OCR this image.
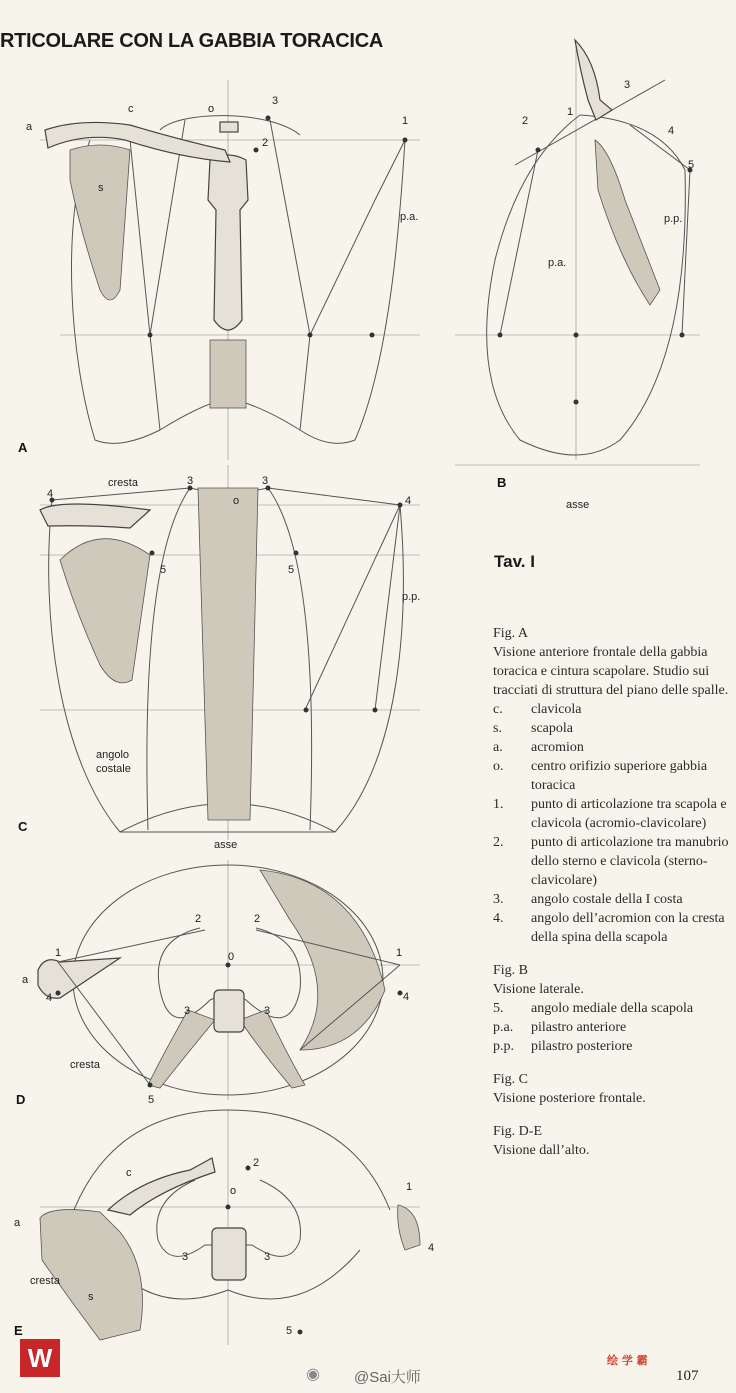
RTICOLARE CON LA GABBIA TORACICA
a
c	o
s
1
2
3
p.a.
A
1
2
3
4
5
p.a.
p.p.
B
asse
cresta	3	3
o
4
4
5	5
p.p.
angolo
costale
C
asse
0
1	1
2	2
3	3
4	4
5
a
cresta
D
c
2
o	1
a
3	3
4
cresta
s
5
E
Tav. I

Fig. A

Visione anteriore frontale della gabbia toracica e cintura scapolare. Studio sui tracciati di struttura del piano delle spalle.

c.	clavicola
s.	scapola
a.	acromion
o.	centro orifizio superiore gabbia toracica
1.	punto di articolazione tra scapola e clavicola (acromio-clavicolare)
2.	punto di articolazione tra manubrio dello sterno e clavicola (sterno-clavicolare)
3.	angolo costale della I costa
4.	angolo dell’acromion con la cresta della spina della scapola

Fig. B

Visione laterale.

5.	angolo mediale della scapola
p.a.	pilastro anteriore
p.p.	pilastro posteriore

Fig. C

Visione posteriore frontale.

Fig. D-E

Visione dall’alto.

W
◉	@Sai大师
绘 学 霸
107
